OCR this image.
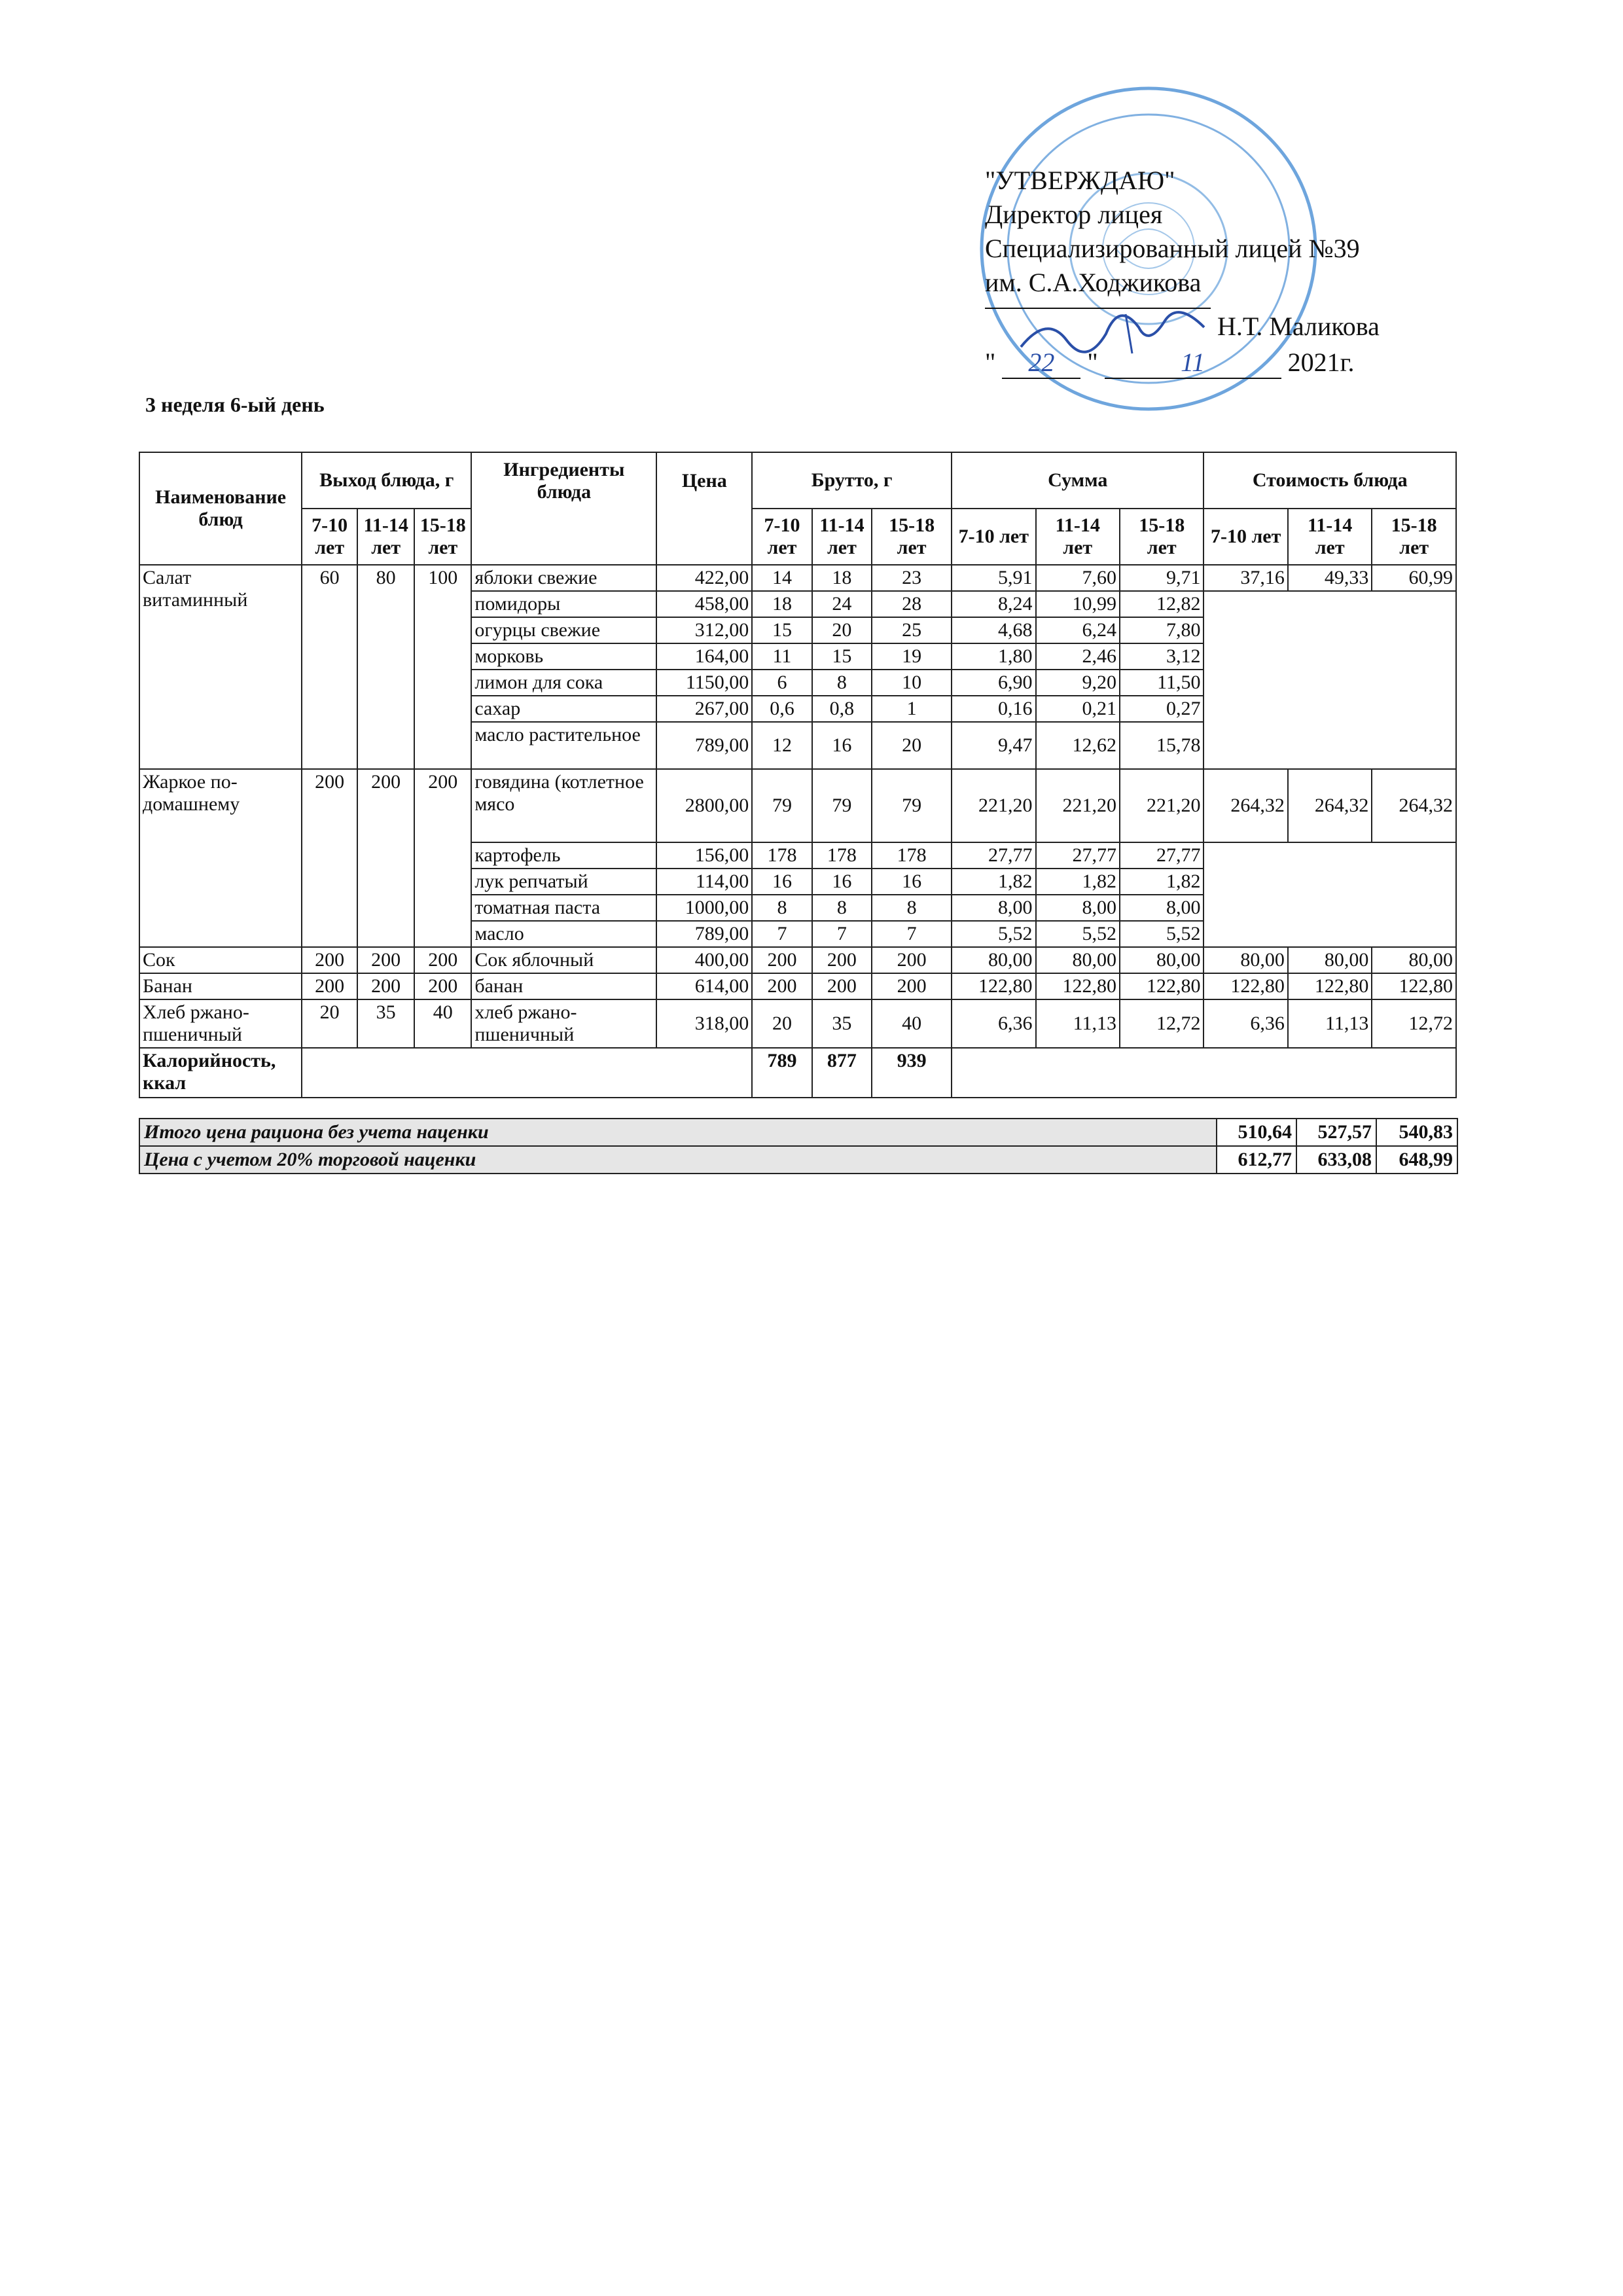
"УТВЕРЖДАЮ"
Директор лицея
Специализированный лицей №39
им. С.А.Ходжикова
Н.Т. Маликова
" 22 "	11	2021г.
3 неделя 6-ый день
Наименование блюд	Выход блюда, г			Ингредиенты блюда	Цена	Брутто, г			Сумма			Стоимость блюда		
	7-10 лет	11-14 лет	15-18 лет			7-10 лет	11-14 лет	15-18 лет	7-10 лет	11-14 лет	15-18 лет	7-10 лет	11-14 лет	15-18 лет
Салат витаминный	60	80	100	яблоки свежие	422,00	14	18	23	5,91	7,60	9,71	37,16	49,33	60,99
				помидоры	458,00	18	24	28	8,24	10,99	12,82			
				огурцы свежие	312,00	15	20	25	4,68	6,24	7,80			
				морковь	164,00	11	15	19	1,80	2,46	3,12			
				лимон для сока	1150,00	6	8	10	6,90	9,20	11,50			
				сахар	267,00	0,6	0,8	1	0,16	0,21	0,27			
				масло растительное	789,00	12	16	20	9,47	12,62	15,78			
Жаркое по-домашнему	200	200	200	говядина (котлетное мясо	2800,00	79	79	79	221,20	221,20	221,20	264,32	264,32	264,32
				картофель	156,00	178	178	178	27,77	27,77	27,77			
				лук репчатый	114,00	16	16	16	1,82	1,82	1,82			
				томатная паста	1000,00	8	8	8	8,00	8,00	8,00			
				масло	789,00	7	7	7	5,52	5,52	5,52			
Сок	200	200	200	Сок яблочный	400,00	200	200	200	80,00	80,00	80,00	80,00	80,00	80,00
Банан	200	200	200	банан	614,00	200	200	200	122,80	122,80	122,80	122,80	122,80	122,80
Хлеб ржано-пшеничный	20	35	40	хлеб ржано-пшеничный	318,00	20	35	40	6,36	11,13	12,72	6,36	11,13	12,72
Калорийность, ккал						789	877	939						
Итого цена рациона без учета наценки	510,64	527,57	540,83
Цена с учетом 20% торговой наценки	612,77	633,08	648,99
